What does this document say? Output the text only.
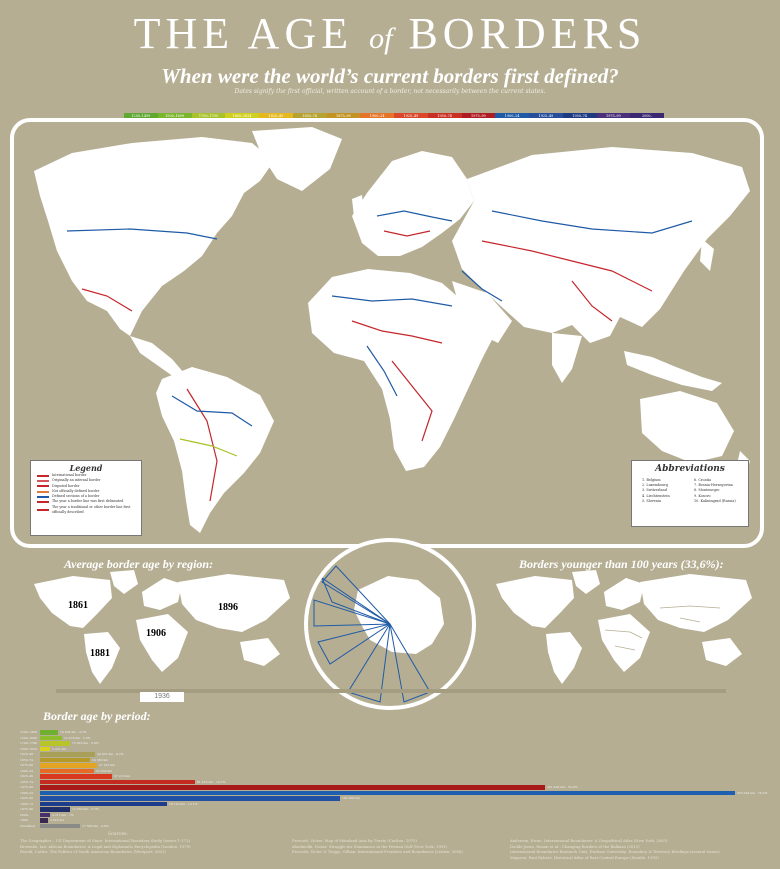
THE AGE of BORDERS
When were the world’s current borders first defined?
Dates signify the first official, written account of a border, not necessarily between the current states.
1200–1499	1500–1699	1700–1799	1800–1824	1825–49	1850–74	1875–99	1900–24	1925–49	1950–74	1975–99	1900–24	1925–49	1950–74	1975–99	2000–
Legend
International border
Originally an internal border
Disputed border
Not officially defined border
Defined sections of a border
The year a border line was first delineated
The year a traditional or other border line first officially described
Abbreviations
1. Belgium
2. Luxembourg
3. Switzerland
4. Liechtenstein
5. Slovenia
6. Croatia
7. Bosnia-Herzegovina
8. Montenegro
9. Kosovo
10. Kaliningrad (Russia)
Average border age by region:
1861	1896
1906
1881
Borders younger than 100 years (33,6%):
1936
Border age by period:
1200–1499	10 904 km · 4.2%
1500–1699	12 478 km · 5.0%
1700–1799	15 820 km · 5.9%
1800–1824	5 221 km
1825–49	24 631 km · 9.2%
1850–74	19 380 km
1875–99	27 012 km
1900–24	25 438 km
1925–49	37 210 km
1950–74	81 455 km · 19.7%
1975–99	261 400 km · 59.9%
1900–24	323 004 km · 74.2%
1925–49	142 800 km
1950–74	59 120 km · 13.1%
1975–99	12 030 km · 2.7%
2000–	4 211 km · 1%
1990–	2 016 km
Unsettled	17 580 km · 4.0%
Sources:
The Geographer – US Department of State: International Boundary Study (issues 1-172)
Brownlie, Ian: African Boundaries: A Legal and Diplomatic Encyclopedia (London, 1979)
Parodi, Carlos: The Politics of South American Boundaries (Westport, 2002)
Prescott, Victor: Map of Mainland Asia by Treaty (Carlton, 1975)
Alaolmolki, Nozar: Struggle for Dominance in the Persian Gulf (New York, 1991)
Prescott, Victor & Triggs, Gillian: International Frontiers and Boundaries (Leiden, 2008)
Anderson, Ewan: International Boundaries: A Geopolitical Atlas (New York, 2003)
Dodds-Jones, Ronan et al.: Changing Borders of the Balkans (2015)
International Boundaries Research Unit, Durham University: Boundary & Territory Briefings (several issues)
Magocsi, Paul Robert: Historical Atlas of East Central Europe (Seattle, 1993)
